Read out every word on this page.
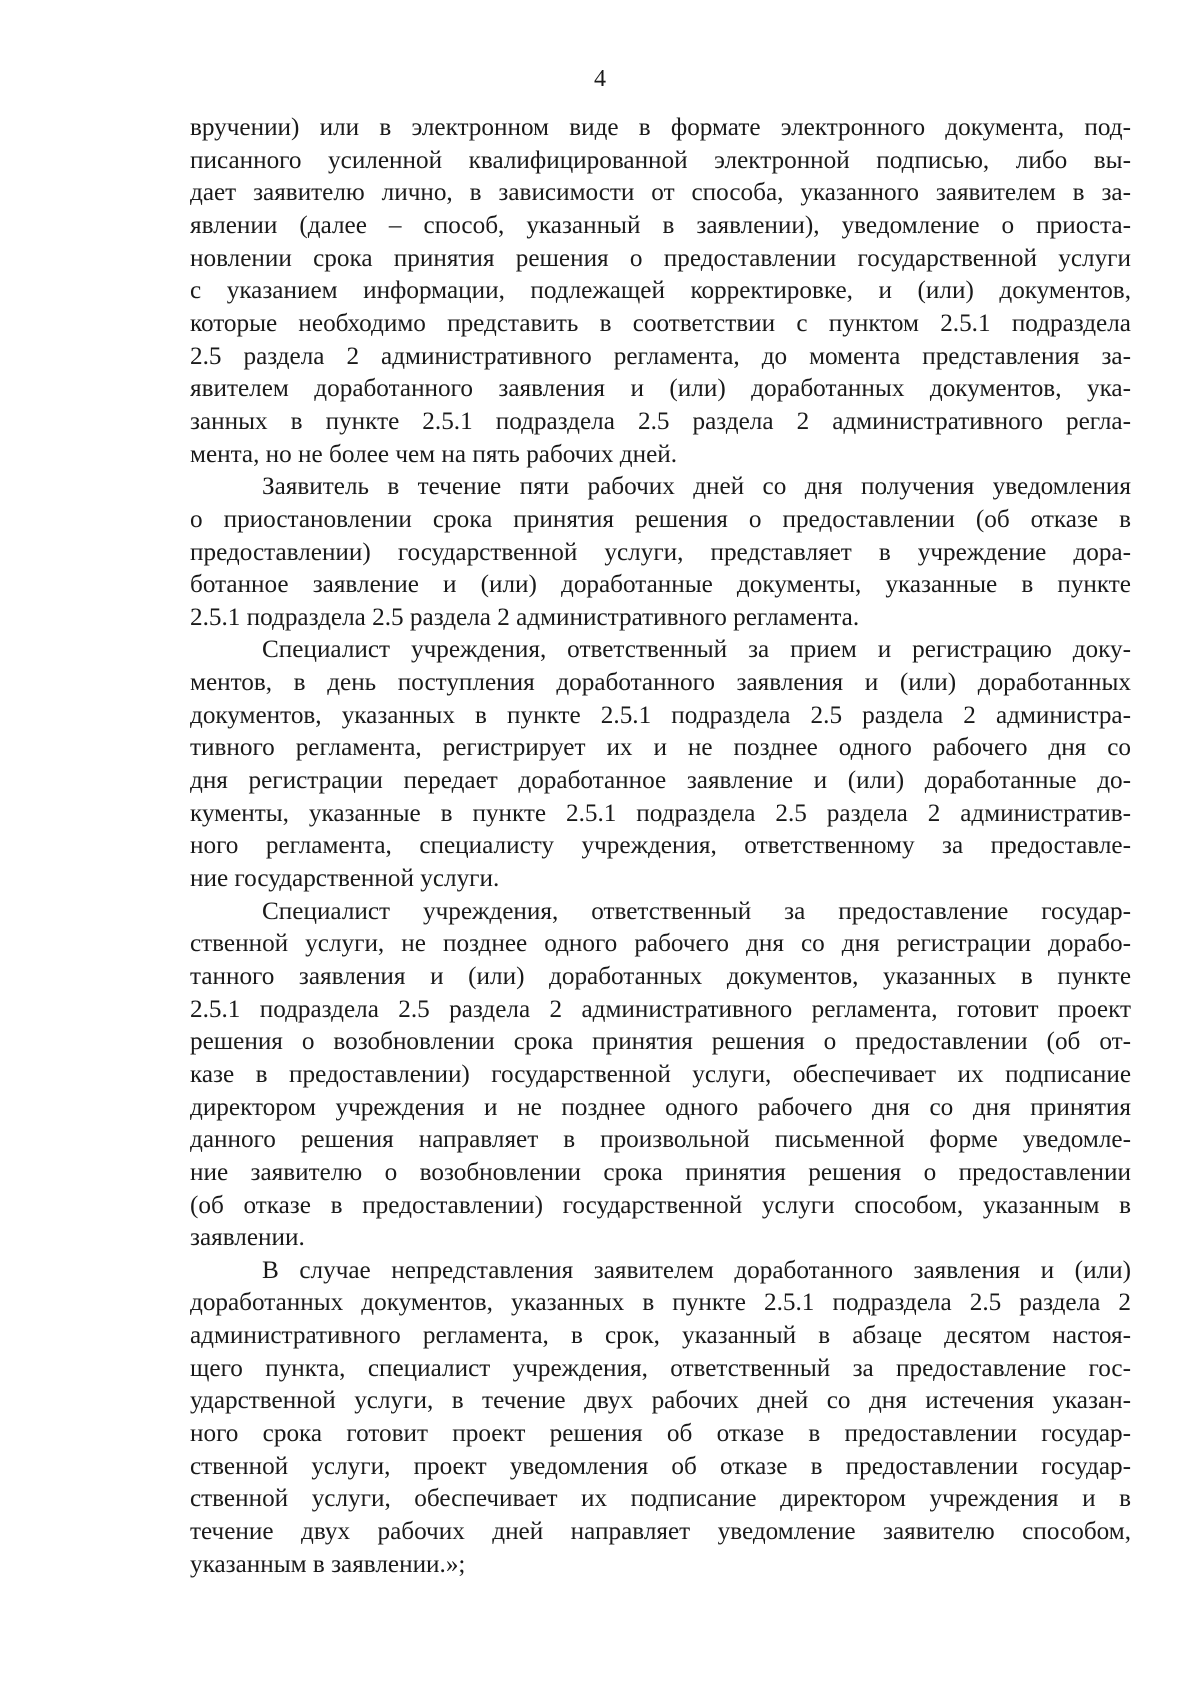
4
вручении) или в электронном виде в формате электронного документа, под-
писанного усиленной квалифицированной электронной подписью, либо вы-
дает заявителю лично, в зависимости от способа, указанного заявителем в за-
явлении (далее – способ, указанный в заявлении), уведомление о приоста-
новлении срока принятия решения о предоставлении государственной услуги
с указанием информации, подлежащей корректировке, и (или) документов,
которые необходимо представить в соответствии с пунктом 2.5.1 подраздела
2.5 раздела 2 административного регламента, до момента представления за-
явителем доработанного заявления и (или) доработанных документов, ука-
занных в пункте 2.5.1 подраздела 2.5 раздела 2 административного регла-
мента, но не более чем на пять рабочих дней.
Заявитель в течение пяти рабочих дней со дня получения уведомления
о приостановлении срока принятия решения о предоставлении (об отказе в
предоставлении) государственной услуги, представляет в учреждение дора-
ботанное заявление и (или) доработанные документы, указанные в пункте
2.5.1 подраздела 2.5 раздела 2 административного регламента.
Специалист учреждения, ответственный за прием и регистрацию доку-
ментов, в день поступления доработанного заявления и (или) доработанных
документов, указанных в пункте 2.5.1 подраздела 2.5 раздела 2 администра-
тивного регламента, регистрирует их и не позднее одного рабочего дня со
дня регистрации передает доработанное заявление и (или) доработанные до-
кументы, указанные в пункте 2.5.1 подраздела 2.5 раздела 2 административ-
ного регламента, специалисту учреждения, ответственному за предоставле-
ние государственной услуги.
Специалист учреждения, ответственный за предоставление государ-
ственной услуги, не позднее одного рабочего дня со дня регистрации дорабо-
танного заявления и (или) доработанных документов, указанных в пункте
2.5.1 подраздела 2.5 раздела 2 административного регламента, готовит проект
решения о возобновлении срока принятия решения о предоставлении (об от-
казе в предоставлении) государственной услуги, обеспечивает их подписание
директором учреждения и не позднее одного рабочего дня со дня принятия
данного решения направляет в произвольной письменной форме уведомле-
ние заявителю о возобновлении срока принятия решения о предоставлении
(об отказе в предоставлении) государственной услуги способом, указанным в
заявлении.
В случае непредставления заявителем доработанного заявления и (или)
доработанных документов, указанных в пункте 2.5.1 подраздела 2.5 раздела 2
административного регламента, в срок, указанный в абзаце десятом настоя-
щего пункта, специалист учреждения, ответственный за предоставление гос-
ударственной услуги, в течение двух рабочих дней со дня истечения указан-
ного срока готовит проект решения об отказе в предоставлении государ-
ственной услуги, проект уведомления об отказе в предоставлении государ-
ственной услуги, обеспечивает их подписание директором учреждения и в
течение двух рабочих дней направляет уведомление заявителю способом,
указанным в заявлении.»;
